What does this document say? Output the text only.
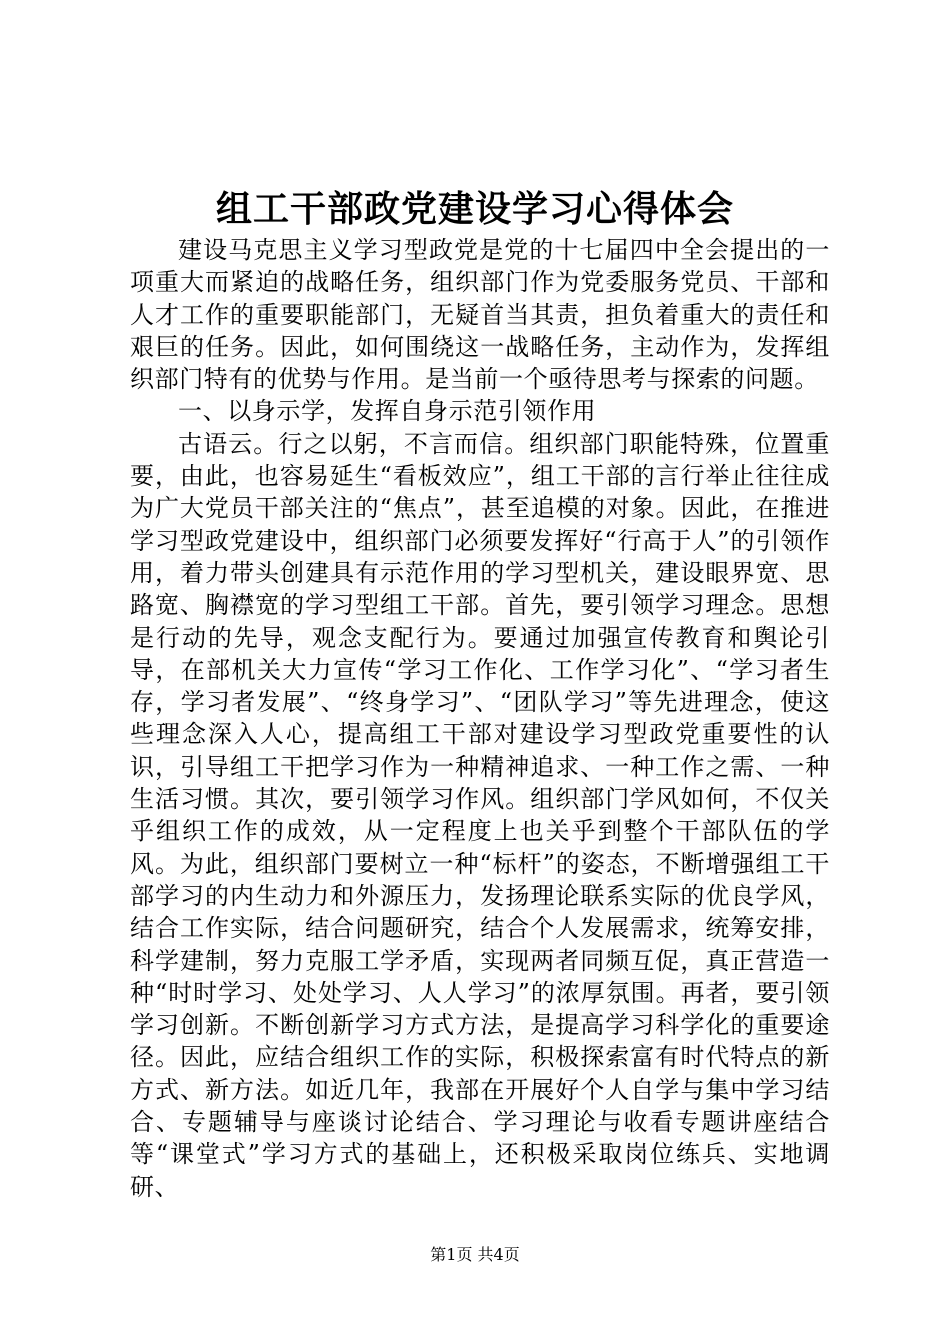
组工干部政党建设学习心得体会

建设马克思主义学习型政党是党的十七届四中全会提出的一项重大而紧迫的战略任务，组织部门作为党委服务党员、干部和人才工作的重要职能部门，无疑首当其责，担负着重大的责任和艰巨的任务。因此，如何围绕这一战略任务，主动作为，发挥组织部门特有的优势与作用。是当前一个亟待思考与探索的问题。

一、以身示学，发挥自身示范引领作用

古语云。行之以躬，不言而信。组织部门职能特殊，位置重要，由此，也容易延生“看板效应”，组工干部的言行举止往往成为广大党员干部关注的“焦点”，甚至追模的对象。因此，在推进学习型政党建设中，组织部门必须要发挥好“行高于人”的引领作用，着力带头创建具有示范作用的学习型机关，建设眼界宽、思路宽、胸襟宽的学习型组工干部。首先，要引领学习理念。思想是行动的先导，观念支配行为。要通过加强宣传教育和舆论引导，在部机关大力宣传“学习工作化、工作学习化”、“学习者生存，学习者发展”、“终身学习”、“团队学习”等先进理念，使这些理念深入人心，提高组工干部对建设学习型政党重要性的认识，引导组工干把学习作为一种精神追求、一种工作之需、一种生活习惯。其次，要引领学习作风。组织部门学风如何，不仅关乎组织工作的成效，从一定程度上也关乎到整个干部队伍的学风。为此，组织部门要树立一种“标杆”的姿态，不断增强组工干部学习的内生动力和外源压力，发扬理论联系实际的优良学风，结合工作实际，结合问题研究，结合个人发展需求，统筹安排，科学建制，努力克服工学矛盾，实现两者同频互促，真正营造一种“时时学习、处处学习、人人学习”的浓厚氛围。再者，要引领学习创新。不断创新学习方式方法，是提高学习科学化的重要途径。因此，应结合组织工作的实际，积极探索富有时代特点的新方式、新方法。如近几年，我部在开展好个人自学与集中学习结合、专题辅导与座谈讨论结合、学习理论与收看专题讲座结合等“课堂式”学习方式的基础上，还积极采取岗位练兵、实地调研、

第1页 共4页
